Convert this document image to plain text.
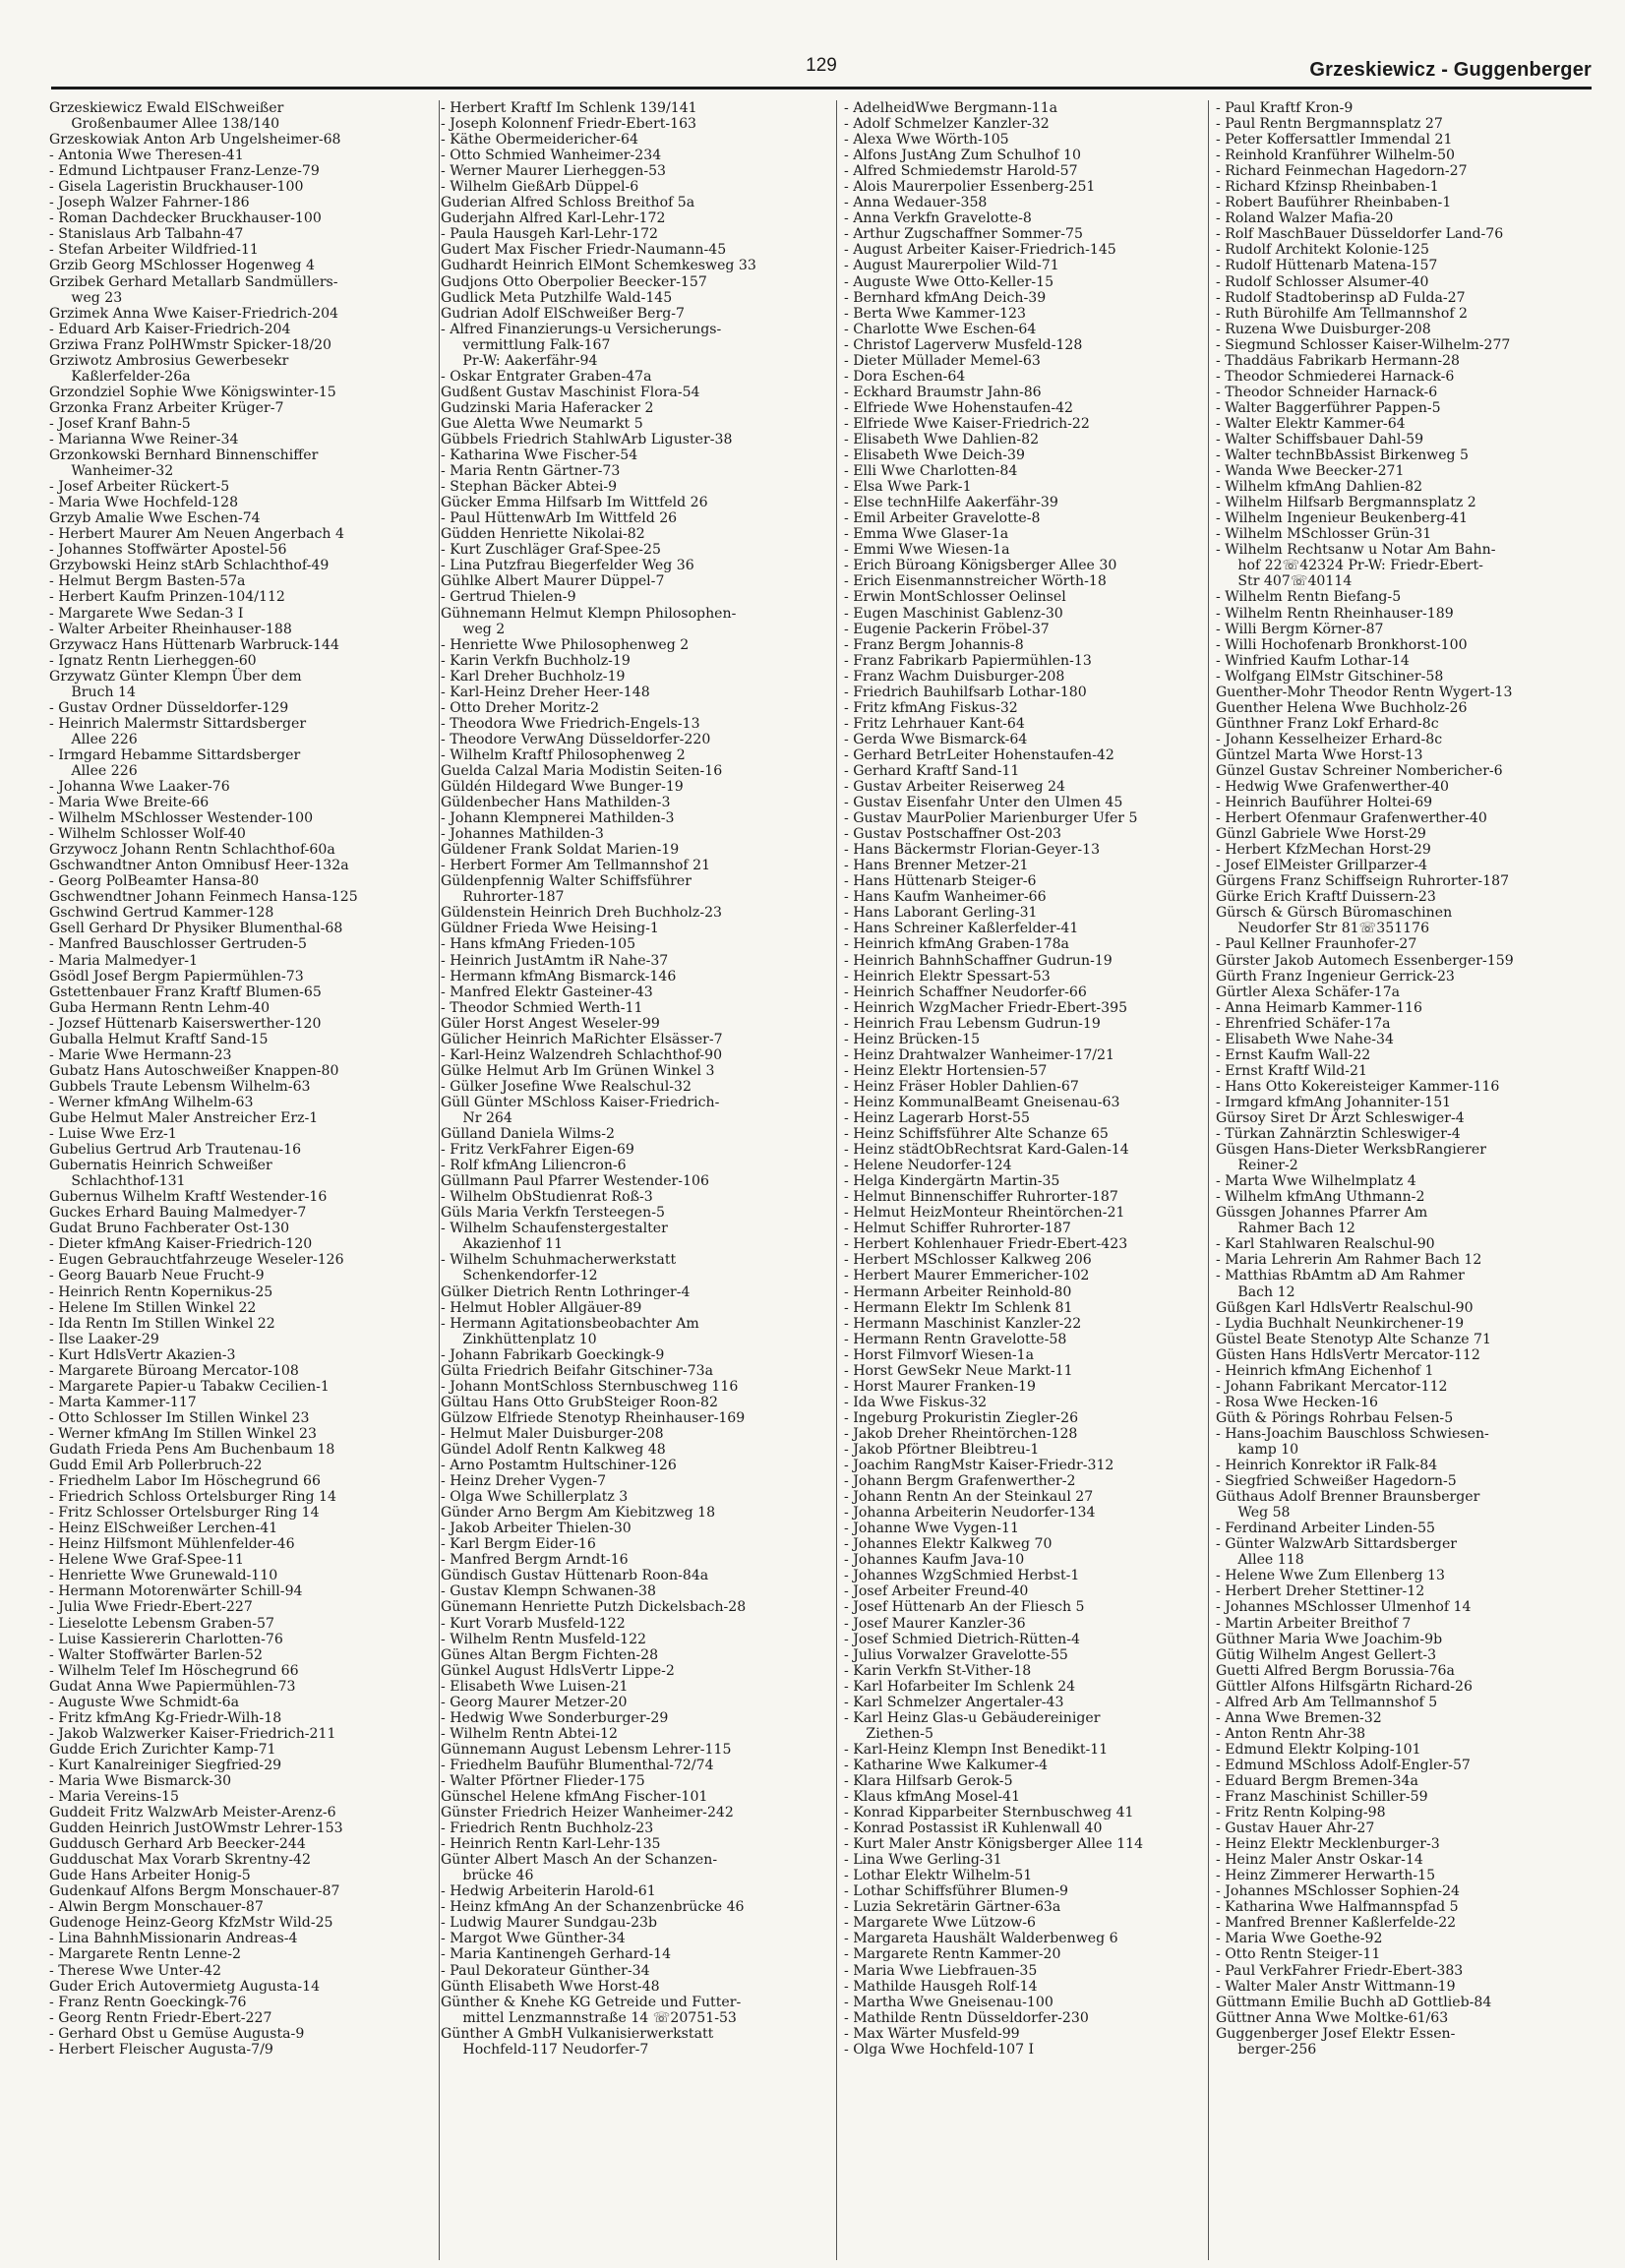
129	Grzeskiewicz - Guggenberger
Grzeskiewicz Ewald ElSchweißer
Großenbaumer Allee 138/140
Grzeskowiak Anton Arb Ungelsheimer-68
- Antonia Wwe Theresen-41
- Edmund Lichtpauser Franz-Lenze-79
- Gisela Lageristin Bruckhauser-100
- Joseph Walzer Fahrner-186
- Roman Dachdecker Bruckhauser-100
- Stanislaus Arb Talbahn-47
- Stefan Arbeiter Wildfried-11
Grzib Georg MSchlosser Hogenweg 4
Grzibek Gerhard Metallarb Sandmüllers-
weg 23
Grzimek Anna Wwe Kaiser-Friedrich-204
- Eduard Arb Kaiser-Friedrich-204
Grziwa Franz PolHWmstr Spicker-18/20
Grziwotz Ambrosius Gewerbesekr
Kaßlerfelder-26a
Grzondziel Sophie Wwe Königswinter-15
Grzonka Franz Arbeiter Krüger-7
- Josef Kranf Bahn-5
- Marianna Wwe Reiner-34
Grzonkowski Bernhard Binnenschiffer
Wanheimer-32
- Josef Arbeiter Rückert-5
- Maria Wwe Hochfeld-128
Grzyb Amalie Wwe Eschen-74
- Herbert Maurer Am Neuen Angerbach 4
- Johannes Stoffwärter Apostel-56
Grzybowski Heinz stArb Schlachthof-49
- Helmut Bergm Basten-57a
- Herbert Kaufm Prinzen-104/112
- Margarete Wwe Sedan-3 I
- Walter Arbeiter Rheinhauser-188
Grzywacz Hans Hüttenarb Warbruck-144
- Ignatz Rentn Lierheggen-60
Grzywatz Günter Klempn Über dem
Bruch 14
- Gustav Ordner Düsseldorfer-129
- Heinrich Malermstr Sittardsberger
Allee 226
- Irmgard Hebamme Sittardsberger
Allee 226
- Johanna Wwe Laaker-76
- Maria Wwe Breite-66
- Wilhelm MSchlosser Westender-100
- Wilhelm Schlosser Wolf-40
Grzywocz Johann Rentn Schlachthof-60a
Gschwandtner Anton Omnibusf Heer-132a
- Georg PolBeamter Hansa-80
Gschwendtner Johann Feinmech Hansa-125
Gschwind Gertrud Kammer-128
Gsell Gerhard Dr Physiker Blumenthal-68
- Manfred Bauschlosser Gertruden-5
- Maria Malmedyer-1
Gsödl Josef Bergm Papiermühlen-73
Gstettenbauer Franz Kraftf Blumen-65
Guba Hermann Rentn Lehm-40
- Jozsef Hüttenarb Kaiserswerther-120
Guballa Helmut Kraftf Sand-15
- Marie Wwe Hermann-23
Gubatz Hans Autoschweißer Knappen-80
Gubbels Traute Lebensm Wilhelm-63
- Werner kfmAng Wilhelm-63
Gube Helmut Maler Anstreicher Erz-1
- Luise Wwe Erz-1
Gubelius Gertrud Arb Trautenau-16
Gubernatis Heinrich Schweißer
Schlachthof-131
Gubernus Wilhelm Kraftf Westender-16
Guckes Erhard Bauing Malmedyer-7
Gudat Bruno Fachberater Ost-130
- Dieter kfmAng Kaiser-Friedrich-120
- Eugen Gebrauchtfahrzeuge Weseler-126
- Georg Bauarb Neue Frucht-9
- Heinrich Rentn Kopernikus-25
- Helene Im Stillen Winkel 22
- Ida Rentn Im Stillen Winkel 22
- Ilse Laaker-29
- Kurt HdlsVertr Akazien-3
- Margarete Büroang Mercator-108
- Margarete Papier-u Tabakw Cecilien-1
- Marta Kammer-117
- Otto Schlosser Im Stillen Winkel 23
- Werner kfmAng Im Stillen Winkel 23
Gudath Frieda Pens Am Buchenbaum 18
Gudd Emil Arb Pollerbruch-22
- Friedhelm Labor Im Höschegrund 66
- Friedrich Schloss Ortelsburger Ring 14
- Fritz Schlosser Ortelsburger Ring 14
- Heinz ElSchweißer Lerchen-41
- Heinz Hilfsmont Mühlenfelder-46
- Helene Wwe Graf-Spee-11
- Henriette Wwe Grunewald-110
- Hermann Motorenwärter Schill-94
- Julia Wwe Friedr-Ebert-227
- Lieselotte Lebensm Graben-57
- Luise Kassiererin Charlotten-76
- Walter Stoffwärter Barlen-52
- Wilhelm Telef Im Höschegrund 66
Gudat Anna Wwe Papiermühlen-73
- Auguste Wwe Schmidt-6a
- Fritz kfmAng Kg-Friedr-Wilh-18
- Jakob Walzwerker Kaiser-Friedrich-211
Gudde Erich Zurichter Kamp-71
- Kurt Kanalreiniger Siegfried-29
- Maria Wwe Bismarck-30
- Maria Vereins-15
Guddeit Fritz WalzwArb Meister-Arenz-6
Gudden Heinrich JustOWmstr Lehrer-153
Guddusch Gerhard Arb Beecker-244
Gudduschat Max Vorarb Skrentny-42
Gude Hans Arbeiter Honig-5
Gudenkauf Alfons Bergm Monschauer-87
- Alwin Bergm Monschauer-87
Gudenoge Heinz-Georg KfzMstr Wild-25
- Lina BahnhMissionarin Andreas-4
- Margarete Rentn Lenne-2
- Therese Wwe Unter-42
Guder Erich Autovermietg Augusta-14
- Franz Rentn Goeckingk-76
- Georg Rentn Friedr-Ebert-227
- Gerhard Obst u Gemüse Augusta-9
- Herbert Fleischer Augusta-7/9
- Herbert Kraftf Im Schlenk 139/141
- Joseph Kolonnenf Friedr-Ebert-163
- Käthe Obermeidericher-64
- Otto Schmied Wanheimer-234
- Werner Maurer Lierheggen-53
- Wilhelm GießArb Düppel-6
Guderian Alfred Schloss Breithof 5a
Guderjahn Alfred Karl-Lehr-172
- Paula Hausgeh Karl-Lehr-172
Gudert Max Fischer Friedr-Naumann-45
Gudhardt Heinrich ElMont Schemkesweg 33
Gudjons Otto Oberpolier Beecker-157
Gudlick Meta Putzhilfe Wald-145
Gudrian Adolf ElSchweißer Berg-7
- Alfred Finanzierungs-u Versicherungs-
vermittlung Falk-167
Pr-W: Aakerfähr-94
- Oskar Entgrater Graben-47a
Gudßent Gustav Maschinist Flora-54
Gudzinski Maria Haferacker 2
Gue Aletta Wwe Neumarkt 5
Gübbels Friedrich StahlwArb Liguster-38
- Katharina Wwe Fischer-54
- Maria Rentn Gärtner-73
- Stephan Bäcker Abtei-9
Gücker Emma Hilfsarb Im Wittfeld 26
- Paul HüttenwArb Im Wittfeld 26
Güdden Henriette Nikolai-82
- Kurt Zuschläger Graf-Spee-25
- Lina Putzfrau Biegerfelder Weg 36
Gühlke Albert Maurer Düppel-7
- Gertrud Thielen-9
Gühnemann Helmut Klempn Philosophen-
weg 2
- Henriette Wwe Philosophenweg 2
- Karin Verkfn Buchholz-19
- Karl Dreher Buchholz-19
- Karl-Heinz Dreher Heer-148
- Otto Dreher Moritz-2
- Theodora Wwe Friedrich-Engels-13
- Theodore VerwAng Düsseldorfer-220
- Wilhelm Kraftf Philosophenweg 2
Guelda Calzal Maria Modistin Seiten-16
Güldén Hildegard Wwe Bunger-19
Güldenbecher Hans Mathilden-3
- Johann Klempnerei Mathilden-3
- Johannes Mathilden-3
Güldener Frank Soldat Marien-19
- Herbert Former Am Tellmannshof 21
Güldenpfennig Walter Schiffsführer
Ruhrorter-187
Güldenstein Heinrich Dreh Buchholz-23
Güldner Frieda Wwe Heising-1
- Hans kfmAng Frieden-105
- Heinrich JustAmtm iR Nahe-37
- Hermann kfmAng Bismarck-146
- Manfred Elektr Gasteiner-43
- Theodor Schmied Werth-11
Güler Horst Angest Weseler-99
Gülicher Heinrich MaRichter Elsässer-7
- Karl-Heinz Walzendreh Schlachthof-90
Gülke Helmut Arb Im Grünen Winkel 3
- Gülker Josefine Wwe Realschul-32
Güll Günter MSchloss Kaiser-Friedrich-
Nr 264
Gülland Daniela Wilms-2
- Fritz VerkFahrer Eigen-69
- Rolf kfmAng Liliencron-6
Güllmann Paul Pfarrer Westender-106
- Wilhelm ObStudienrat Roß-3
Güls Maria Verkfn Tersteegen-5
- Wilhelm Schaufenstergestalter
Akazienhof 11
- Wilhelm Schuhmacherwerkstatt
Schenkendorfer-12
Gülker Dietrich Rentn Lothringer-4
- Helmut Hobler Allgäuer-89
- Hermann Agitationsbeobachter Am
Zinkhüttenplatz 10
- Johann Fabrikarb Goeckingk-9
Gülta Friedrich Beifahr Gitschiner-73a
- Johann MontSchloss Sternbuschweg 116
Gültau Hans Otto GrubSteiger Roon-82
Gülzow Elfriede Stenotyp Rheinhauser-169
- Helmut Maler Duisburger-208
Gündel Adolf Rentn Kalkweg 48
- Arno Postamtm Hultschiner-126
- Heinz Dreher Vygen-7
- Olga Wwe Schillerplatz 3
Günder Arno Bergm Am Kiebitzweg 18
- Jakob Arbeiter Thielen-30
- Karl Bergm Eider-16
- Manfred Bergm Arndt-16
Gündisch Gustav Hüttenarb Roon-84a
- Gustav Klempn Schwanen-38
Günemann Henriette Putzh Dickelsbach-28
- Kurt Vorarb Musfeld-122
- Wilhelm Rentn Musfeld-122
Günes Altan Bergm Fichten-28
Günkel August HdlsVertr Lippe-2
- Elisabeth Wwe Luisen-21
- Georg Maurer Metzer-20
- Hedwig Wwe Sonderburger-29
- Wilhelm Rentn Abtei-12
Günnemann August Lebensm Lehrer-115
- Friedhelm Bauführ Blumenthal-72/74
- Walter Pförtner Flieder-175
Günschel Helene kfmAng Fischer-101
Günster Friedrich Heizer Wanheimer-242
- Friedrich Rentn Buchholz-23
- Heinrich Rentn Karl-Lehr-135
Günter Albert Masch An der Schanzen-
brücke 46
- Hedwig Arbeiterin Harold-61
- Heinz kfmAng An der Schanzenbrücke 46
- Ludwig Maurer Sundgau-23b
- Margot Wwe Günther-34
- Maria Kantinengeh Gerhard-14
- Paul Dekorateur Günther-34
Günth Elisabeth Wwe Horst-48
Günther & Knehe KG Getreide und Futter-
mittel Lenzmannstraße 14 ☏20751-53
Günther A GmbH Vulkanisierwerkstatt
Hochfeld-117 Neudorfer-7
- AdelheidWwe Bergmann-11a
- Adolf Schmelzer Kanzler-32
- Alexa Wwe Wörth-105
- Alfons JustAng Zum Schulhof 10
- Alfred Schmiedemstr Harold-57
- Alois Maurerpolier Essenberg-251
- Anna Wedauer-358
- Anna Verkfn Gravelotte-8
- Arthur Zugschaffner Sommer-75
- August Arbeiter Kaiser-Friedrich-145
- August Maurerpolier Wild-71
- Auguste Wwe Otto-Keller-15
- Bernhard kfmAng Deich-39
- Berta Wwe Kammer-123
- Charlotte Wwe Eschen-64
- Christof Lagerverw Musfeld-128
- Dieter Müllader Memel-63
- Dora Eschen-64
- Eckhard Braumstr Jahn-86
- Elfriede Wwe Hohenstaufen-42
- Elfriede Wwe Kaiser-Friedrich-22
- Elisabeth Wwe Dahlien-82
- Elisabeth Wwe Deich-39
- Elli Wwe Charlotten-84
- Elsa Wwe Park-1
- Else technHilfe Aakerfähr-39
- Emil Arbeiter Gravelotte-8
- Emma Wwe Glaser-1a
- Emmi Wwe Wiesen-1a
- Erich Büroang Königsberger Allee 30
- Erich Eisenmannstreicher Wörth-18
- Erwin MontSchlosser Oelinsel
- Eugen Maschinist Gablenz-30
- Eugenie Packerin Fröbel-37
- Franz Bergm Johannis-8
- Franz Fabrikarb Papiermühlen-13
- Franz Wachm Duisburger-208
- Friedrich Bauhilfsarb Lothar-180
- Fritz kfmAng Fiskus-32
- Fritz Lehrhauer Kant-64
- Gerda Wwe Bismarck-64
- Gerhard BetrLeiter Hohenstaufen-42
- Gerhard Kraftf Sand-11
- Gustav Arbeiter Reiserweg 24
- Gustav Eisenfahr Unter den Ulmen 45
- Gustav MaurPolier Marienburger Ufer 5
- Gustav Postschaffner Ost-203
- Hans Bäckermstr Florian-Geyer-13
- Hans Brenner Metzer-21
- Hans Hüttenarb Steiger-6
- Hans Kaufm Wanheimer-66
- Hans Laborant Gerling-31
- Hans Schreiner Kaßlerfelder-41
- Heinrich kfmAng Graben-178a
- Heinrich BahnhSchaffner Gudrun-19
- Heinrich Elektr Spessart-53
- Heinrich Schaffner Neudorfer-66
- Heinrich WzgMacher Friedr-Ebert-395
- Heinrich Frau Lebensm Gudrun-19
- Heinz Brücken-15
- Heinz Drahtwalzer Wanheimer-17/21
- Heinz Elektr Hortensien-57
- Heinz Fräser Hobler Dahlien-67
- Heinz KommunalBeamt Gneisenau-63
- Heinz Lagerarb Horst-55
- Heinz Schiffsführer Alte Schanze 65
- Heinz städtObRechtsrat Kard-Galen-14
- Helene Neudorfer-124
- Helga Kindergärtn Martin-35
- Helmut Binnenschiffer Ruhrorter-187
- Helmut HeizMonteur Rheintörchen-21
- Helmut Schiffer Ruhrorter-187
- Herbert Kohlenhauer Friedr-Ebert-423
- Herbert MSchlosser Kalkweg 206
- Herbert Maurer Emmericher-102
- Hermann Arbeiter Reinhold-80
- Hermann Elektr Im Schlenk 81
- Hermann Maschinist Kanzler-22
- Hermann Rentn Gravelotte-58
- Horst Filmvorf Wiesen-1a
- Horst GewSekr Neue Markt-11
- Horst Maurer Franken-19
- Ida Wwe Fiskus-32
- Ingeburg Prokuristin Ziegler-26
- Jakob Dreher Rheintörchen-128
- Jakob Pförtner Bleibtreu-1
- Joachim RangMstr Kaiser-Friedr-312
- Johann Bergm Grafenwerther-2
- Johann Rentn An der Steinkaul 27
- Johanna Arbeiterin Neudorfer-134
- Johanne Wwe Vygen-11
- Johannes Elektr Kalkweg 70
- Johannes Kaufm Java-10
- Johannes WzgSchmied Herbst-1
- Josef Arbeiter Freund-40
- Josef Hüttenarb An der Fliesch 5
- Josef Maurer Kanzler-36
- Josef Schmied Dietrich-Rütten-4
- Julius Vorwalzer Gravelotte-55
- Karin Verkfn St-Vither-18
- Karl Hofarbeiter Im Schlenk 24
- Karl Schmelzer Angertaler-43
- Karl Heinz Glas-u Gebäudereiniger
Ziethen-5
- Karl-Heinz Klempn Inst Benedikt-11
- Katharine Wwe Kalkumer-4
- Klara Hilfsarb Gerok-5
- Klaus kfmAng Mosel-41
- Konrad Kipparbeiter Sternbuschweg 41
- Konrad Postassist iR Kuhlenwall 40
- Kurt Maler Anstr Königsberger Allee 114
- Lina Wwe Gerling-31
- Lothar Elektr Wilhelm-51
- Lothar Schiffsführer Blumen-9
- Luzia Sekretärin Gärtner-63a
- Margarete Wwe Lützow-6
- Margareta Haushält Walderbenweg 6
- Margarete Rentn Kammer-20
- Maria Wwe Liebfrauen-35
- Mathilde Hausgeh Rolf-14
- Martha Wwe Gneisenau-100
- Mathilde Rentn Düsseldorfer-230
- Max Wärter Musfeld-99
- Olga Wwe Hochfeld-107 I
- Paul Kraftf Kron-9
- Paul Rentn Bergmannsplatz 27
- Peter Koffersattler Immendal 21
- Reinhold Kranführer Wilhelm-50
- Richard Feinmechan Hagedorn-27
- Richard Kfzinsp Rheinbaben-1
- Robert Bauführer Rheinbaben-1
- Roland Walzer Mafia-20
- Rolf MaschBauer Düsseldorfer Land-76
- Rudolf Architekt Kolonie-125
- Rudolf Hüttenarb Matena-157
- Rudolf Schlosser Alsumer-40
- Rudolf Stadtoberinsp aD Fulda-27
- Ruth Bürohilfe Am Tellmannshof 2
- Ruzena Wwe Duisburger-208
- Siegmund Schlosser Kaiser-Wilhelm-277
- Thaddäus Fabrikarb Hermann-28
- Theodor Schmiederei Harnack-6
- Theodor Schneider Harnack-6
- Walter Baggerführer Pappen-5
- Walter Elektr Kammer-64
- Walter Schiffsbauer Dahl-59
- Walter technBbAssist Birkenweg 5
- Wanda Wwe Beecker-271
- Wilhelm kfmAng Dahlien-82
- Wilhelm Hilfsarb Bergmannsplatz 2
- Wilhelm Ingenieur Beukenberg-41
- Wilhelm MSchlosser Grün-31
- Wilhelm Rechtsanw u Notar Am Bahn-
hof 22☏42324 Pr-W: Friedr-Ebert-
Str 407☏40114
- Wilhelm Rentn Biefang-5
- Wilhelm Rentn Rheinhauser-189
- Willi Bergm Körner-87
- Willi Hochofenarb Bronkhorst-100
- Winfried Kaufm Lothar-14
- Wolfgang ElMstr Gitschiner-58
Guenther-Mohr Theodor Rentn Wygert-13
Guenther Helena Wwe Buchholz-26
Günthner Franz Lokf Erhard-8c
- Johann Kesselheizer Erhard-8c
Güntzel Marta Wwe Horst-13
Günzel Gustav Schreiner Nombericher-6
- Hedwig Wwe Grafenwerther-40
- Heinrich Bauführer Holtei-69
- Herbert Ofenmaur Grafenwerther-40
Günzl Gabriele Wwe Horst-29
- Herbert KfzMechan Horst-29
- Josef ElMeister Grillparzer-4
Gürgens Franz Schiffseign Ruhrorter-187
Gürke Erich Kraftf Duissern-23
Gürsch & Gürsch Büromaschinen
Neudorfer Str 81☏351176
- Paul Kellner Fraunhofer-27
Gürster Jakob Automech Essenberger-159
Gürth Franz Ingenieur Gerrick-23
Gürtler Alexa Schäfer-17a
- Anna Heimarb Kammer-116
- Ehrenfried Schäfer-17a
- Elisabeth Wwe Nahe-34
- Ernst Kaufm Wall-22
- Ernst Kraftf Wild-21
- Hans Otto Kokereisteiger Kammer-116
- Irmgard kfmAng Johanniter-151
Gürsoy Siret Dr Ärzt Schleswiger-4
- Türkan Zahnärztin Schleswiger-4
Güsgen Hans-Dieter WerksbRangierer
Reiner-2
- Marta Wwe Wilhelmplatz 4
- Wilhelm kfmAng Uthmann-2
Güssgen Johannes Pfarrer Am
Rahmer Bach 12
- Karl Stahlwaren Realschul-90
- Maria Lehrerin Am Rahmer Bach 12
- Matthias RbAmtm aD Am Rahmer
Bach 12
Güßgen Karl HdlsVertr Realschul-90
- Lydia Buchhalt Neunkirchener-19
Güstel Beate Stenotyp Alte Schanze 71
Güsten Hans HdlsVertr Mercator-112
- Heinrich kfmAng Eichenhof 1
- Johann Fabrikant Mercator-112
- Rosa Wwe Hecken-16
Güth & Pörings Rohrbau Felsen-5
- Hans-Joachim Bauschloss Schwiesen-
kamp 10
- Heinrich Konrektor iR Falk-84
- Siegfried Schweißer Hagedorn-5
Güthaus Adolf Brenner Braunsberger
Weg 58
- Ferdinand Arbeiter Linden-55
- Günter WalzwArb Sittardsberger
Allee 118
- Helene Wwe Zum Ellenberg 13
- Herbert Dreher Stettiner-12
- Johannes MSchlosser Ulmenhof 14
- Martin Arbeiter Breithof 7
Güthner Maria Wwe Joachim-9b
Gütig Wilhelm Angest Gellert-3
Guetti Alfred Bergm Borussia-76a
Güttler Alfons Hilfsgärtn Richard-26
- Alfred Arb Am Tellmannshof 5
- Anna Wwe Bremen-32
- Anton Rentn Ahr-38
- Edmund Elektr Kolping-101
- Edmund MSchloss Adolf-Engler-57
- Eduard Bergm Bremen-34a
- Franz Maschinist Schiller-59
- Fritz Rentn Kolping-98
- Gustav Hauer Ahr-27
- Heinz Elektr Mecklenburger-3
- Heinz Maler Anstr Oskar-14
- Heinz Zimmerer Herwarth-15
- Johannes MSchlosser Sophien-24
- Katharina Wwe Halfmannspfad 5
- Manfred Brenner Kaßlerfelde-22
- Maria Wwe Goethe-92
- Otto Rentn Steiger-11
- Paul VerkFahrer Friedr-Ebert-383
- Walter Maler Anstr Wittmann-19
Güttmann Emilie Buchh aD Gottlieb-84
Güttner Anna Wwe Moltke-61/63
Guggenberger Josef Elektr Essen-
berger-256
